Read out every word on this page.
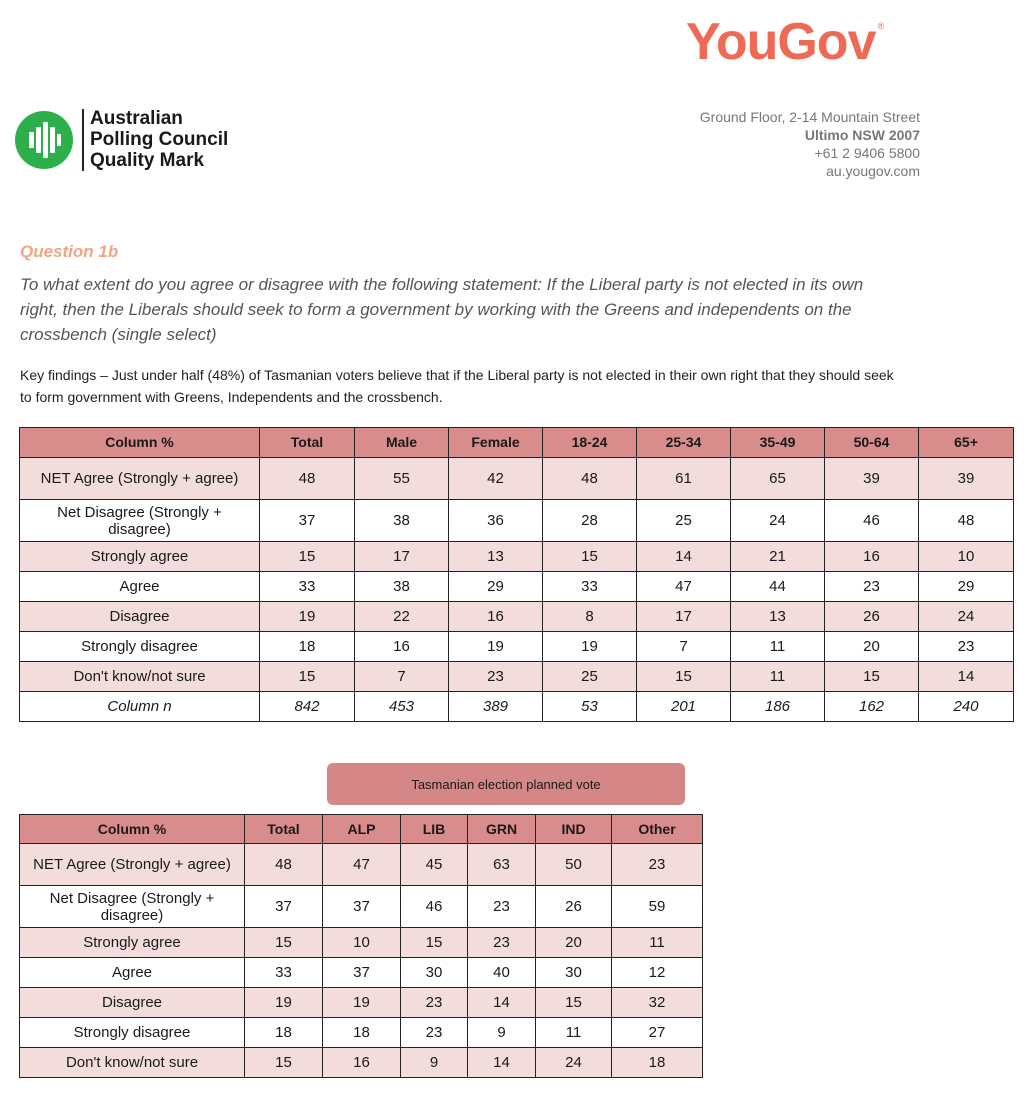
YouGov ®
Australian
Polling Council
Quality Mark
Ground Floor, 2-14 Mountain Street
Ultimo NSW 2007
+61 2 9406 5800
au.yougov.com
Question 1b
To what extent do you agree or disagree with the following statement: If the Liberal party is not elected in its own right, then the Liberals should seek to form a government by working with the Greens and independents on the crossbench (single select)
Key findings – Just under half (48%) of Tasmanian voters believe that if the Liberal party is not elected in their own right that they should seek to form government with Greens, Independents and the crossbench.
Column %	Total	Male	Female	18-24	25-34	35-49	50-64	65+
NET Agree (Strongly + agree)	48	55	42	48	61	65	39	39
Net Disagree (Strongly + disagree)	37	38	36	28	25	24	46	48
Strongly agree	15	17	13	15	14	21	16	10
Agree	33	38	29	33	47	44	23	29
Disagree	19	22	16	8	17	13	26	24
Strongly disagree	18	16	19	19	7	11	20	23
Don't know/not sure	15	7	23	25	15	11	15	14
Column n	842	453	389	53	201	186	162	240
Tasmanian election planned vote
Column %	Total	ALP	LIB	GRN	IND	Other
NET Agree (Strongly + agree)	48	47	45	63	50	23
Net Disagree (Strongly + disagree)	37	37	46	23	26	59
Strongly agree	15	10	15	23	20	11
Agree	33	37	30	40	30	12
Disagree	19	19	23	14	15	32
Strongly disagree	18	18	23	9	11	27
Don't know/not sure	15	16	9	14	24	18
